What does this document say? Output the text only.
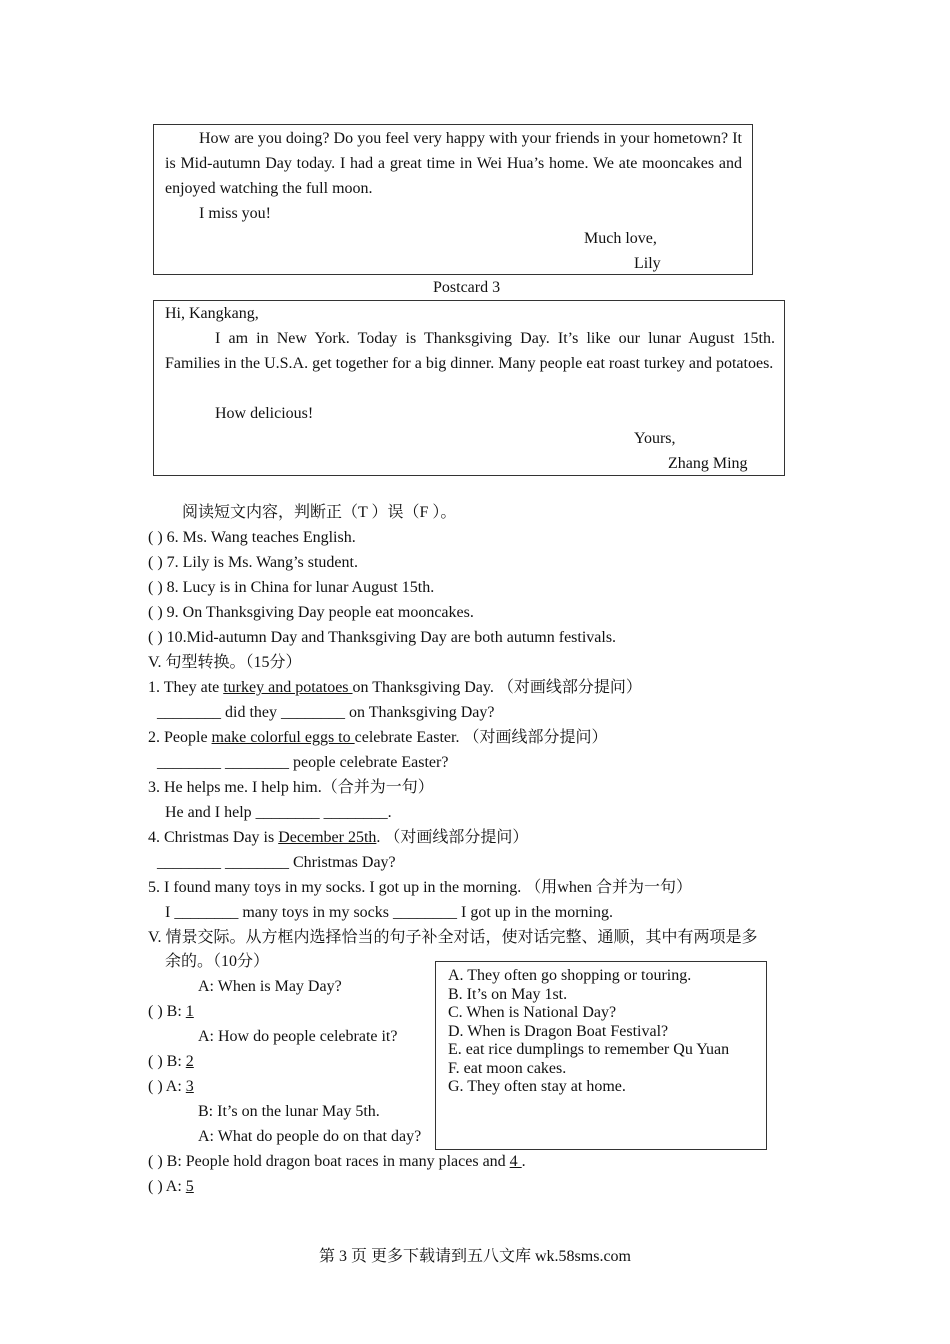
How are you doing? Do you feel very happy with your friends in your hometown? It is Mid-autumn Day today. I had a great time in Wei Hua’s home. We ate mooncakes and enjoyed watching the full moon.
I miss you!
Much love,
Lily
Postcard 3
Hi, Kangkang,
I am in New York. Today is Thanksgiving Day. It’s like our lunar August 15th. Families in the U.S.A. get together for a big dinner. Many people eat roast turkey and potatoes.
How delicious!
Yours,
Zhang Ming
阅读短文内容，判断正（T ）误（F ）。
( ) 6. Ms. Wang teaches English.
( ) 7. Lily is Ms. Wang’s student.
( ) 8. Lucy is in China for lunar August 15th.
( ) 9. On Thanksgiving Day people eat mooncakes.
( ) 10.Mid-autumn Day and Thanksgiving Day are both autumn festivals.
V. 句型转换。（15分）
1. They ate turkey and potatoes on Thanksgiving Day. （对画线部分提问）
________ did they ________ on Thanksgiving Day?
2. People make colorful eggs to celebrate Easter. （对画线部分提问）
________ ________ people celebrate Easter?
3. He helps me. I help him.（合并为一句）
He and I help ________ ________.
4. Christmas Day is December 25th. （对画线部分提问）
________ ________ Christmas Day?
5. I found many toys in my socks. I got up in the morning. （用when 合并为一句）
I ________ many toys in my socks ________ I got up in the morning.
V. 情景交际。从方框内选择恰当的句子补全对话，使对话完整、通顺，其中有两项是多
余的。（10分）
A: When is May Day?
( ) B: 1
A: How do people celebrate it?
( ) B: 2
( ) A: 3
B: It’s on the lunar May 5th.
A: What do people do on that day?
( ) B: People hold dragon boat races in many places and 4 .
( ) A: 5
A. They often go shopping or touring.
B. It’s on May 1st.
C. When is National Day?
D. When is Dragon Boat Festival?
E. eat rice dumplings to remember Qu Yuan
F. eat moon cakes.
G. They often stay at home.
第 3 页 更多下载请到五八文库 wk.58sms.com
